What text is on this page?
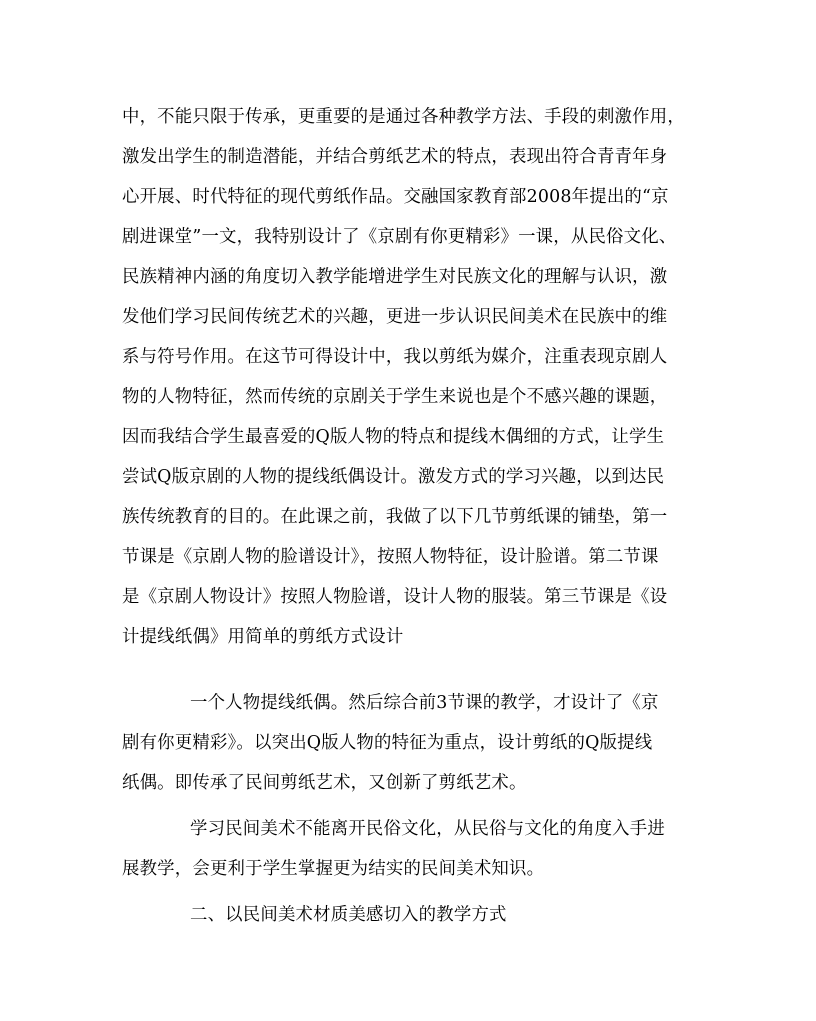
中，不能只限于传承，更重要的是通过各种教学方法、手段的刺激作用，
激发出学生的制造潜能，并结合剪纸艺术的特点，表现出符合青青年身
心开展、时代特征的现代剪纸作品。交融国家教育部2008年提出的“京
剧进课堂”一文，我特别设计了《京剧有你更精彩》一课，从民俗文化、
民族精神内涵的角度切入教学能增进学生对民族文化的理解与认识，激
发他们学习民间传统艺术的兴趣，更进一步认识民间美术在民族中的维
系与符号作用。在这节可得设计中，我以剪纸为媒介，注重表现京剧人
物的人物特征，然而传统的京剧关于学生来说也是个不感兴趣的课题，
因而我结合学生最喜爱的Q版人物的特点和提线木偶细的方式，让学生
尝试Q版京剧的人物的提线纸偶设计。激发方式的学习兴趣，以到达民
族传统教育的目的。在此课之前，我做了以下几节剪纸课的铺垫，第一
节课是《京剧人物的脸谱设计》，按照人物特征，设计脸谱。第二节课
是《京剧人物设计》按照人物脸谱，设计人物的服装。第三节课是《设
计提线纸偶》用简单的剪纸方式设计
一个人物提线纸偶。然后综合前3节课的教学，才设计了《京
剧有你更精彩》。以突出Q版人物的特征为重点，设计剪纸的Q版提线
纸偶。即传承了民间剪纸艺术，又创新了剪纸艺术。
学习民间美术不能离开民俗文化，从民俗与文化的角度入手进
展教学，会更利于学生掌握更为结实的民间美术知识。
二、以民间美术材质美感切入的教学方式
